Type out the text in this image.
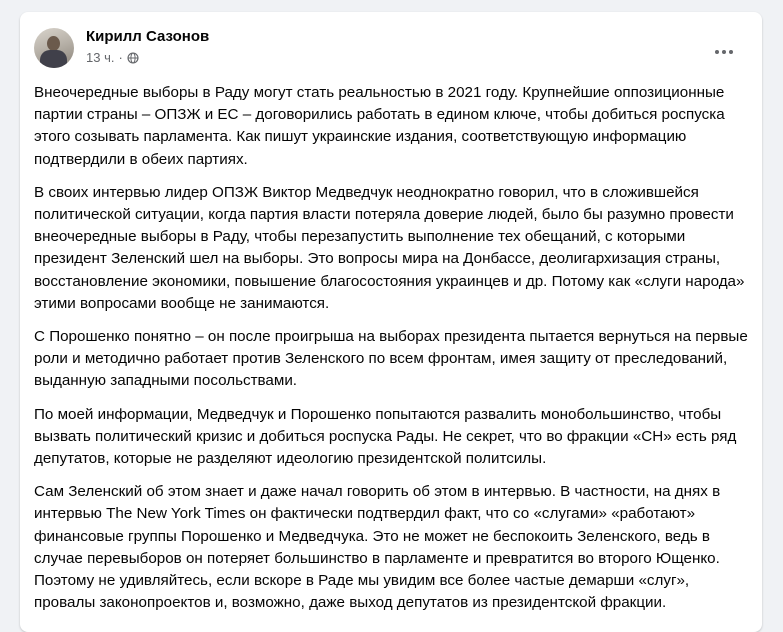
Кирилл Сазонов
13 ч. ·

Внеочередные выборы в Раду могут стать реальностью в 2021 году. Крупнейшие оппозиционные партии страны – ОПЗЖ и ЕС – договорились работать в едином ключе, чтобы добиться роспуска этого созывать парламента. Как пишут украинские издания, соответствующую информацию подтвердили в обеих партиях.

В своих интервью лидер ОПЗЖ Виктор Медведчук неоднократно говорил, что в сложившейся политической ситуации, когда партия власти потеряла доверие людей, было бы разумно провести внеочередные выборы в Раду, чтобы перезапустить выполнение тех обещаний, с которыми президент Зеленский шел на выборы. Это вопросы мира на Донбассе, деолигархизация страны, восстановление экономики, повышение благосостояния украинцев и др. Потому как «слуги народа» этими вопросами вообще не занимаются.

С Порошенко понятно – он после проигрыша на выборах президента пытается вернуться на первые роли и методично работает против Зеленского по всем фронтам, имея защиту от преследований, выданную западными посольствами.

По моей информации, Медведчук и Порошенко попытаются развалить монобольшинство, чтобы вызвать политический кризис и добиться роспуска Рады. Не секрет, что во фракции «СН» есть ряд депутатов, которые не разделяют идеологию президентской политсилы.

Сам Зеленский об этом знает и даже начал говорить об этом в интервью. В частности, на днях в интервью The New York Times он фактически подтвердил факт, что со «слугами» «работают» финансовые группы Порошенко и Медведчука. Это не может не беспокоить Зеленского, ведь в случае перевыборов он потеряет большинство в парламенте и превратится во второго Ющенко.

Поэтому не удивляйтесь, если вскоре в Раде мы увидим все более частые демарши «слуг», провалы законопроектов и, возможно, даже выход депутатов из президентской фракции.
